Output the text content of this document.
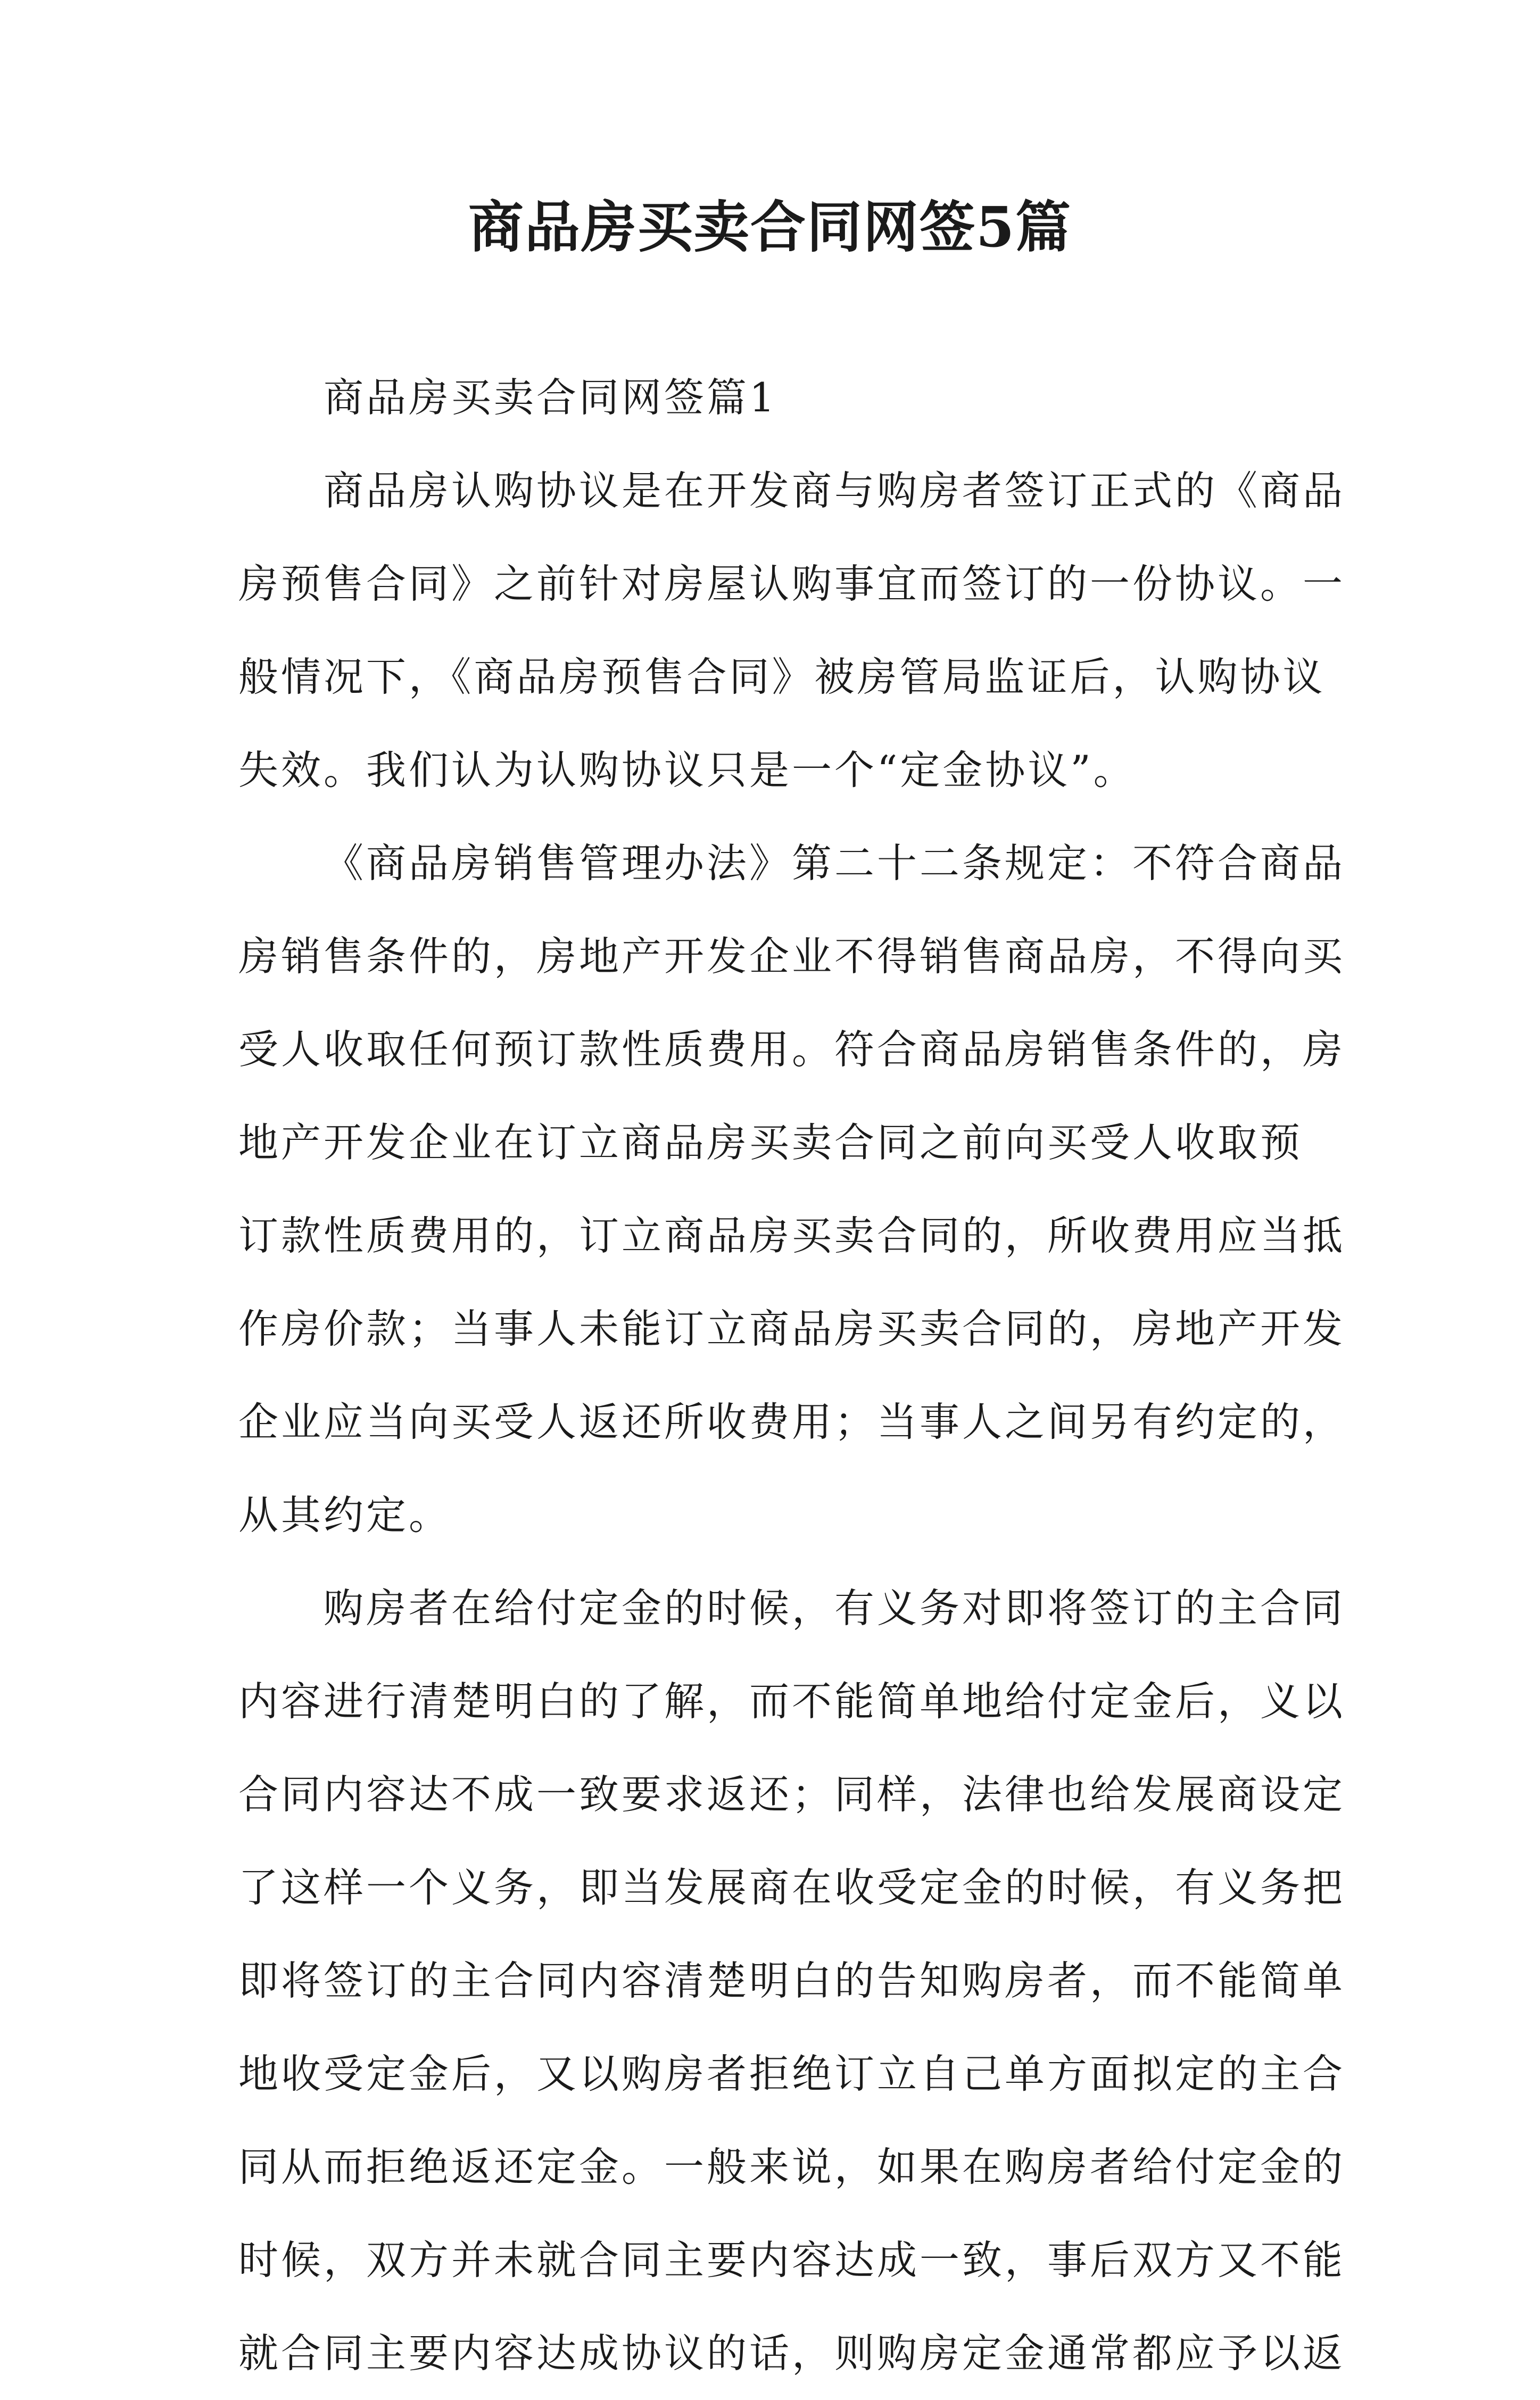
商品房买卖合同网签5篇

商品房买卖合同网签篇1

商品房认购协议是在开发商与购房者签订正式的《商品
房预售合同》之前针对房屋认购事宜而签订的一份协议。一
般情况下，《商品房预售合同》被房管局监证后，认购协议
失效。我们认为认购协议只是一个“定金协议”。

《商品房销售管理办法》第二十二条规定：不符合商品
房销售条件的，房地产开发企业不得销售商品房，不得向买
受人收取任何预订款性质费用。符合商品房销售条件的，房
地产开发企业在订立商品房买卖合同之前向买受人收取预
订款性质费用的，订立商品房买卖合同的，所收费用应当抵
作房价款；当事人未能订立商品房买卖合同的，房地产开发
企业应当向买受人返还所收费用；当事人之间另有约定的，
从其约定。

购房者在给付定金的时候，有义务对即将签订的主合同
内容进行清楚明白的了解，而不能简单地给付定金后，义以
合同内容达不成一致要求返还；同样，法律也给发展商设定
了这样一个义务，即当发展商在收受定金的时候，有义务把
即将签订的主合同内容清楚明白的告知购房者，而不能简单
地收受定金后，又以购房者拒绝订立自己单方面拟定的主合
同从而拒绝返还定金。一般来说，如果在购房者给付定金的
时候，双方并未就合同主要内容达成一致，事后双方又不能
就合同主要内容达成协议的话，则购房定金通常都应予以返
